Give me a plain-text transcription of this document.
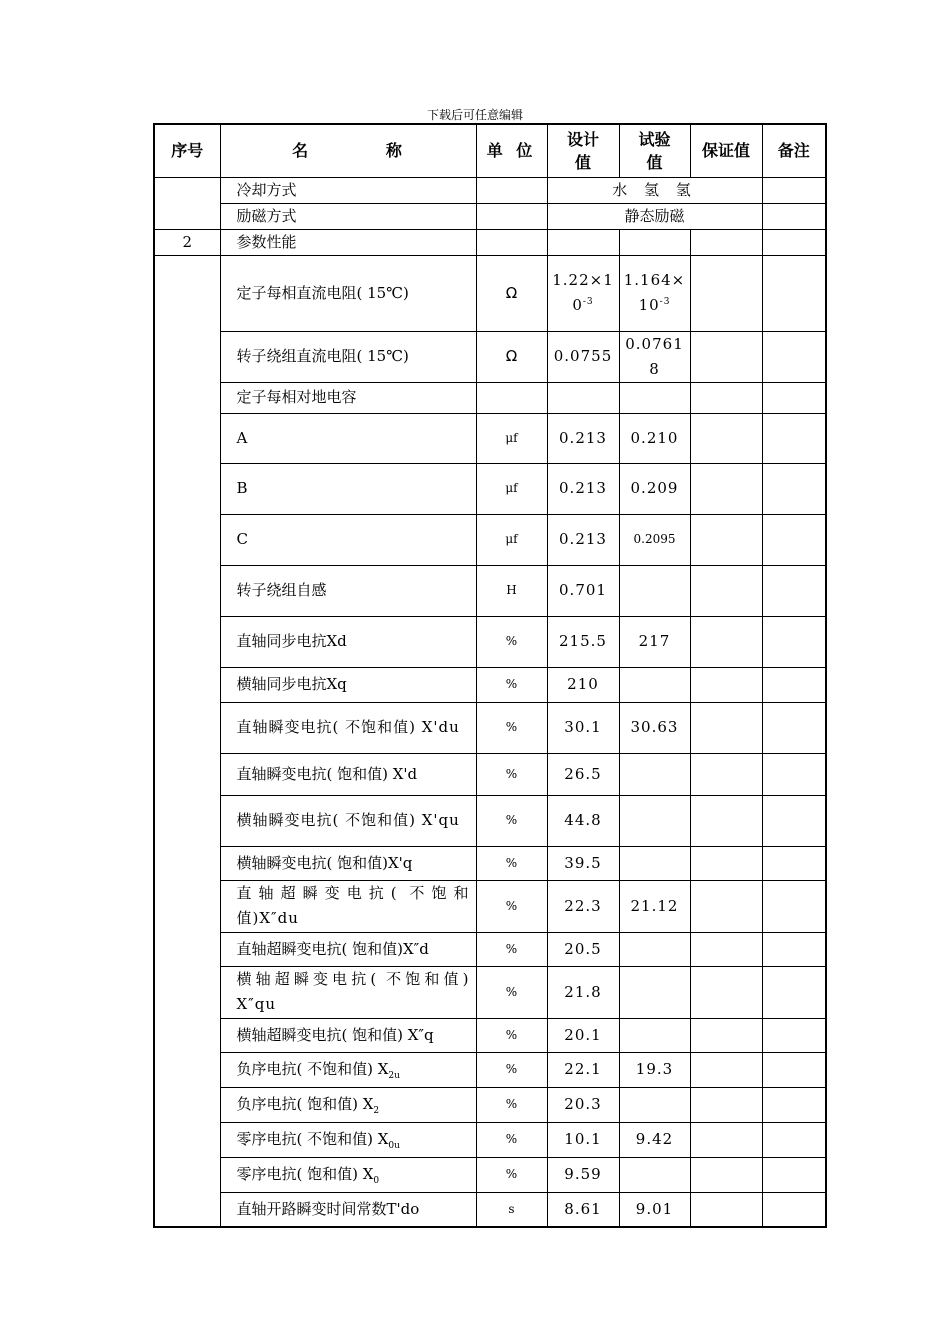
下载后可任意编辑
序号	名          称	单 位	设计值	试验值	保证值	备注
	冷却方式		水 氢 氢			
	励磁方式		静态励磁			
2	参数性能					
	定子每相直流电阻( 15℃)	Ω	$1.22\times 10^{-3}$	$1.164\times 10^{-3}$		
	转子绕组直流电阻( 15℃)	Ω	0.0755	0.07618		
	定子每相对地电容					
	A	μf	0.213	0.210		
	B	μf	0.213	0.209		
	C	μf	0.213	0.2095		
	转子绕组自感	H	0.701			
	直轴同步电抗Xd	%	215.5	217		
	横轴同步电抗Xq	%	210			
	直轴瞬变电抗( 不饱和值) X'du	%	30.1	30.63		
	直轴瞬变电抗( 饱和值) X'd	%	26.5			
	横轴瞬变电抗( 不饱和值) X'qu	%	44.8			
	横轴瞬变电抗( 饱和值)X'q	%	39.5			
	直轴超瞬变电抗( 不饱和值)X″du	%	22.3	21.12		
	直轴超瞬变电抗( 饱和值)X″d	%	20.5			
	横轴超瞬变电抗( 不饱和值) X″qu	%	21.8			
	横轴超瞬变电抗( 饱和值) X″q	%	20.1			
	负序电抗( 不饱和值) $X_{2u}$	%	22.1	19.3		
	负序电抗( 饱和值) $X_2$	%	20.3			
	零序电抗( 不饱和值) $X_{0u}$	%	10.1	9.42		
	零序电抗( 饱和值) $X_0$	%	9.59			
	直轴开路瞬变时间常数T'do	s	8.61	9.01		
